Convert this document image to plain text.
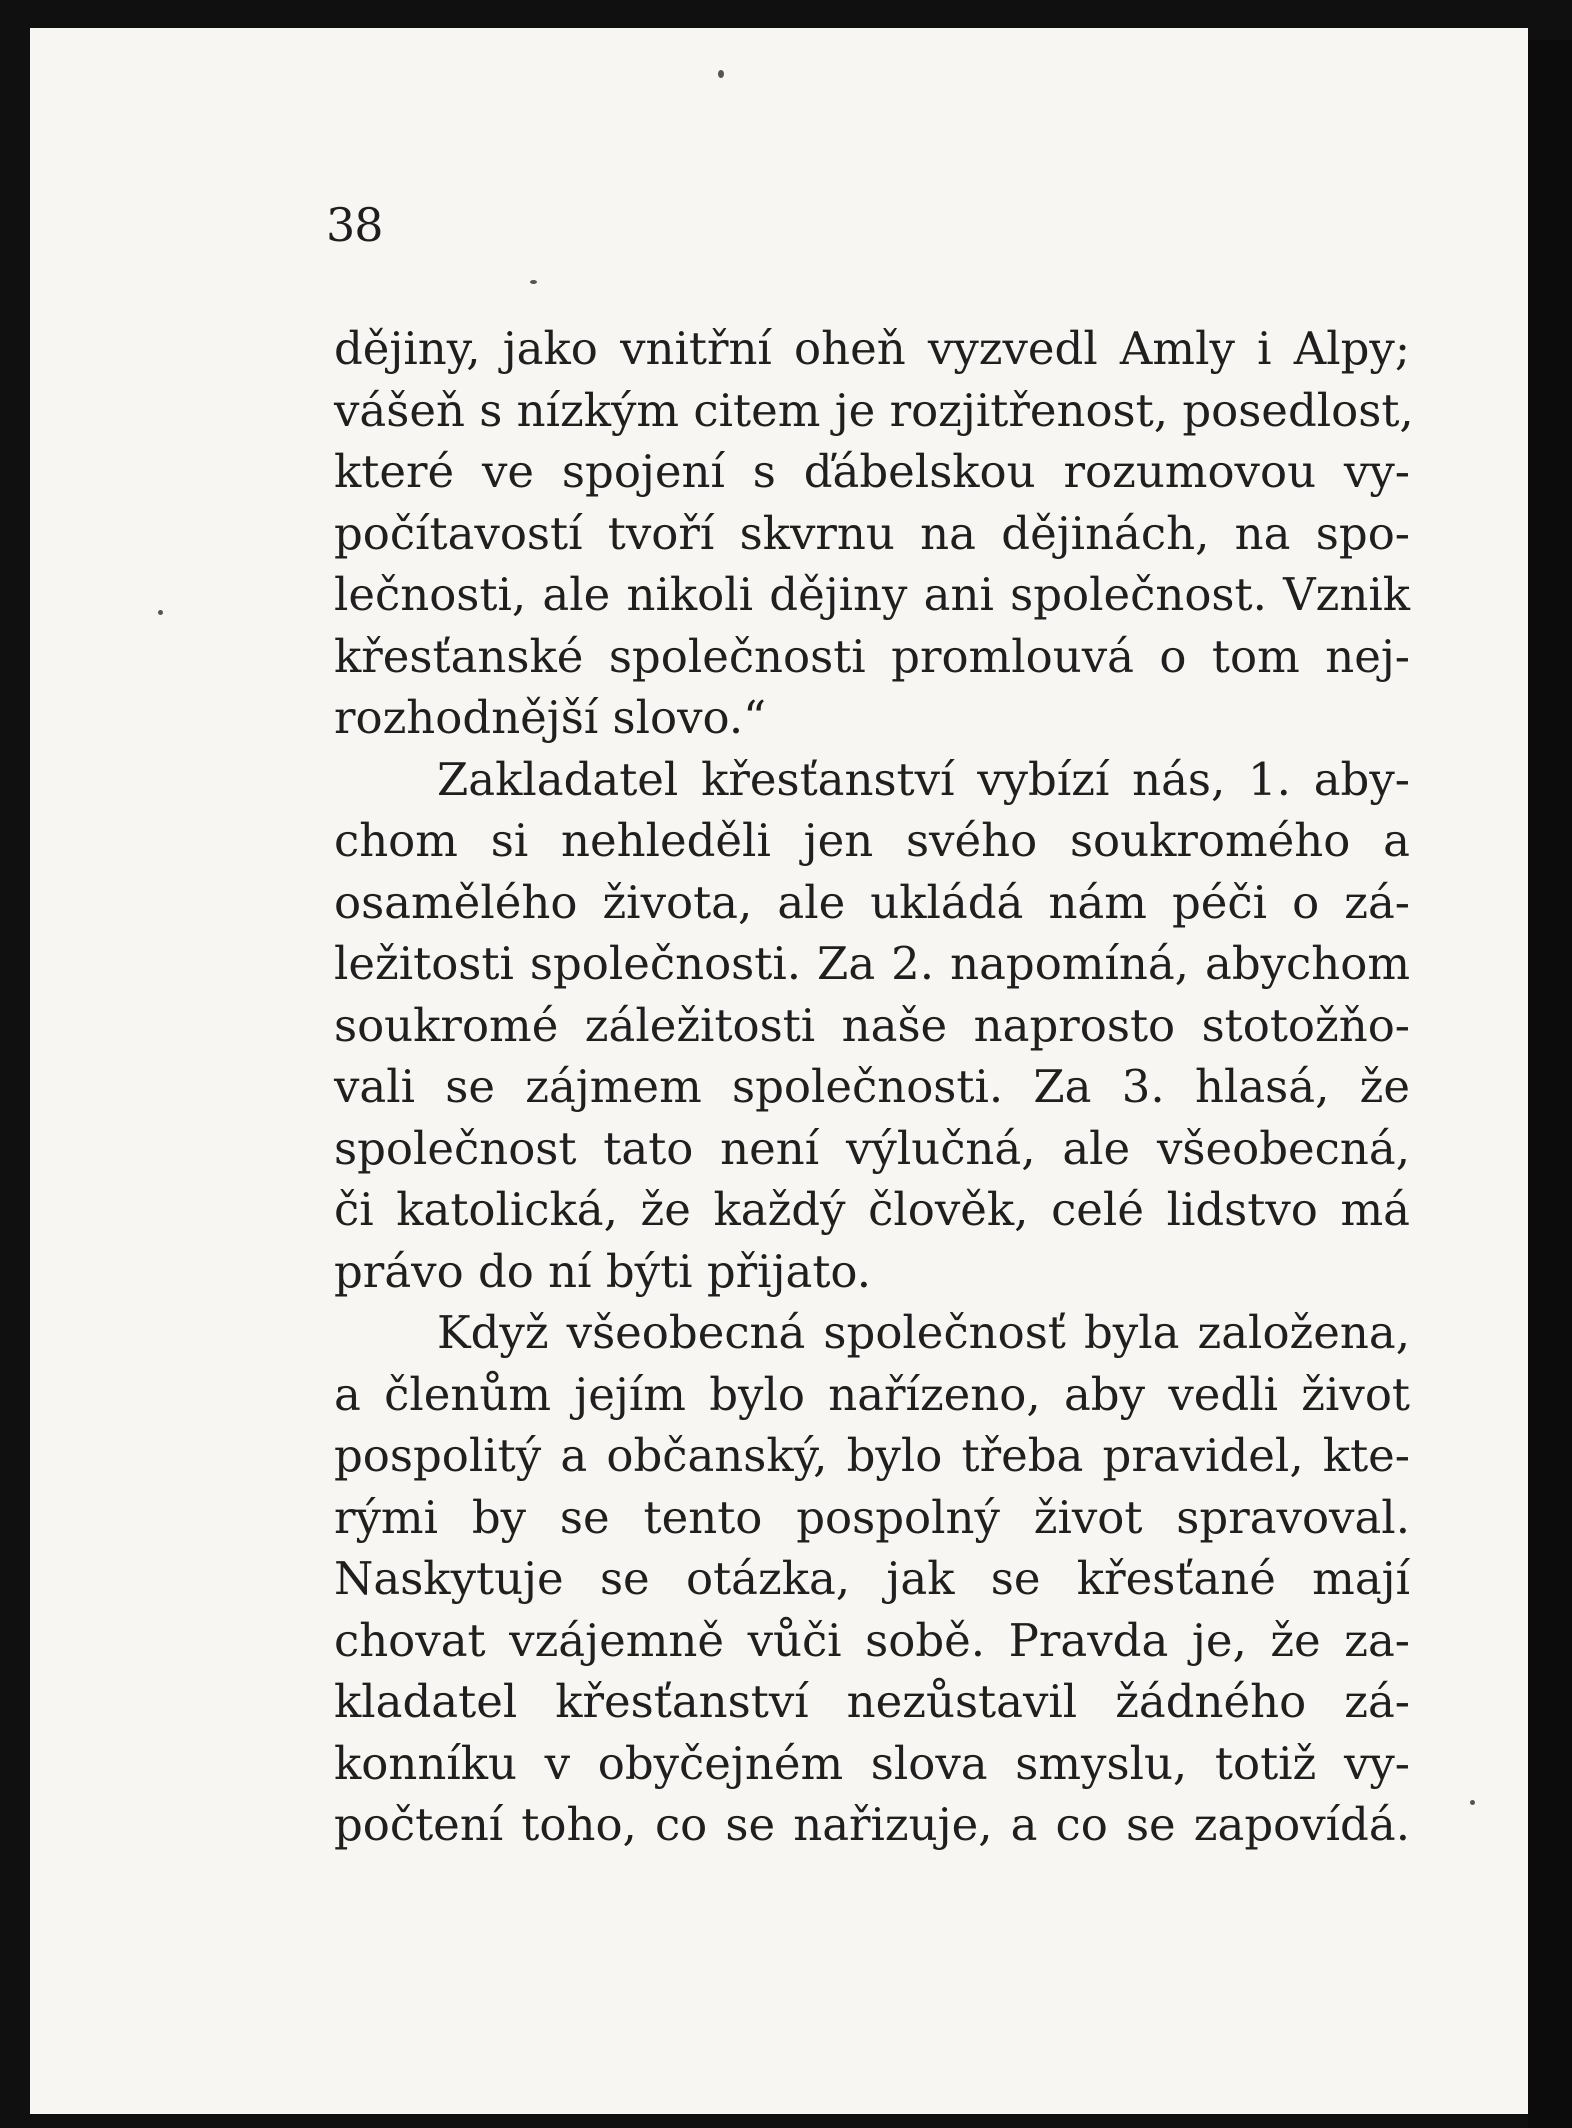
38
dějiny, jako vnitřní oheň vyzvedl Amly i Alpy;
vášeň s nízkým citem je rozjitřenost, posedlost,
které ve spojení s ďábelskou rozumovou vy-
počítavostí tvoří skvrnu na dějinách, na spo-
lečnosti, ale nikoli dějiny ani společnost. Vznik
křesťanské společnosti promlouvá o tom nej-
rozhodnější slovo.“
Zakladatel křesťanství vybízí nás, 1. aby-
chom si nehleděli jen svého soukromého a
osamělého života, ale ukládá nám péči o zá-
ležitosti společnosti. Za 2. napomíná, abychom
soukromé záležitosti naše naprosto stotožňo-
vali se zájmem společnosti. Za 3. hlasá, že
společnost tato není výlučná, ale všeobecná,
či katolická, že každý člověk, celé lidstvo má
právo do ní býti přijato.
Když všeobecná společnosť byla založena,
a členům jejím bylo nařízeno, aby vedli život
pospolitý a občanský, bylo třeba pravidel, kte-
rými by se tento pospolný život spravoval.
Naskytuje se otázka, jak se křesťané mají
chovat vzájemně vůči sobě. Pravda je, že za-
kladatel křesťanství nezůstavil žádného zá-
konníku v obyčejném slova smyslu, totiž vy-
počtení toho, co se nařizuje, a co se zapovídá.
